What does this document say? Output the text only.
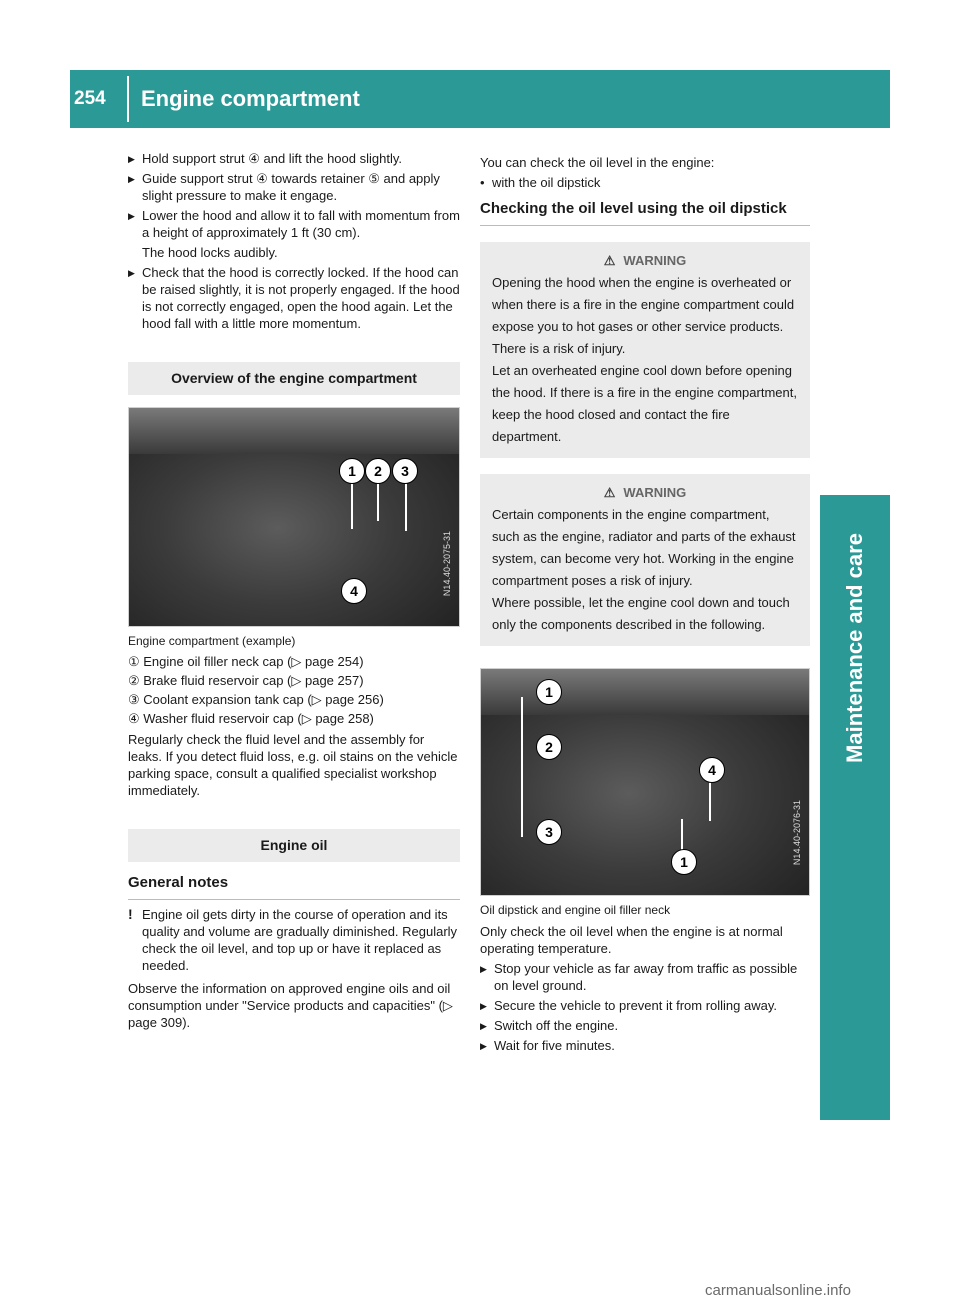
254 Engine compartment
Maintenance and care
▶ Hold support strut ④ and lift the hood slightly.
▶ Guide support strut ④ towards retainer ⑤ and apply slight pressure to make it engage.
▶ Lower the hood and allow it to fall with momentum from a height of approximately 1 ft (30 cm).
The hood locks audibly.
▶ Check that the hood is correctly locked. If the hood can be raised slightly, it is not properly engaged. If the hood is not correctly engaged, open the hood again. Let the hood fall with a little more momentum.
Overview of the engine compartment
1	2	3
4	N14.40-2075-31
Engine compartment (example)
① Engine oil filler neck cap (▷ page 254)
② Brake fluid reservoir cap (▷ page 257)
③ Coolant expansion tank cap (▷ page 256)
④ Washer fluid reservoir cap (▷ page 258)
Regularly check the fluid level and the assembly for leaks. If you detect fluid loss, e.g. oil stains on the vehicle parking space, consult a qualified specialist workshop immediately.
Engine oil
General notes
! Engine oil gets dirty in the course of operation and its quality and volume are gradually diminished. Regularly check the oil level, and top up or have it replaced as needed.
Observe the information on approved engine oils and oil consumption under "Service products and capacities" (▷ page 309).
You can check the oil level in the engine:
• with the oil dipstick
Checking the oil level using the oil dipstick
⚠ WARNING
Opening the hood when the engine is overheated or when there is a fire in the engine compartment could expose you to hot gases or other service products. There is a risk of injury.
Let an overheated engine cool down before opening the hood. If there is a fire in the engine compartment, keep the hood closed and contact the fire department.
⚠ WARNING
Certain components in the engine compartment, such as the engine, radiator and parts of the exhaust system, can become very hot. Working in the engine compartment poses a risk of injury.
Where possible, let the engine cool down and touch only the components described in the following.
1
2
3
4
1	N14.40-2076-31
Oil dipstick and engine oil filler neck
Only check the oil level when the engine is at normal operating temperature.
▶ Stop your vehicle as far away from traffic as possible on level ground.
▶ Secure the vehicle to prevent it from rolling away.
▶ Switch off the engine.
▶ Wait for five minutes.
carmanualsonline.info
